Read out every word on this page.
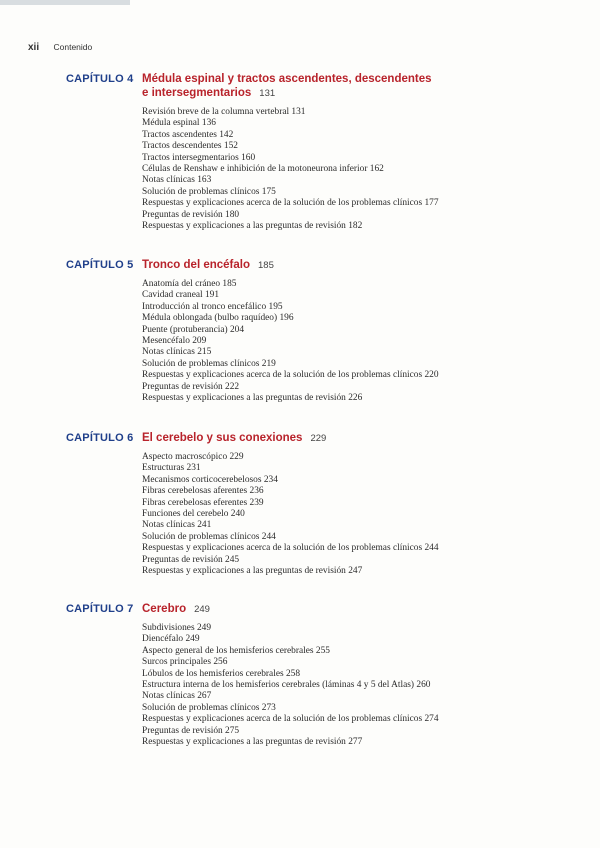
xii Contenido
CAPÍTULO 4 Médula espinal y tractos ascendentes, descendentes
e intersegmentarios 131
Revisión breve de la columna vertebral 131
Médula espinal 136
Tractos ascendentes 142
Tractos descendentes 152
Tractos intersegmentarios 160
Células de Renshaw e inhibición de la motoneurona inferior 162
Notas clínicas 163
Solución de problemas clínicos 175
Respuestas y explicaciones acerca de la solución de los problemas clínicos 177
Preguntas de revisión 180
Respuestas y explicaciones a las preguntas de revisión 182
CAPÍTULO 5 Tronco del encéfalo 185
Anatomía del cráneo 185
Cavidad craneal 191
Introducción al tronco encefálico 195
Médula oblongada (bulbo raquídeo) 196
Puente (protuberancia) 204
Mesencéfalo 209
Notas clínicas 215
Solución de problemas clínicos 219
Respuestas y explicaciones acerca de la solución de los problemas clínicos 220
Preguntas de revisión 222
Respuestas y explicaciones a las preguntas de revisión 226
CAPÍTULO 6 El cerebelo y sus conexiones 229
Aspecto macroscópico 229
Estructuras 231
Mecanismos corticocerebelosos 234
Fibras cerebelosas aferentes 236
Fibras cerebelosas eferentes 239
Funciones del cerebelo 240
Notas clínicas 241
Solución de problemas clínicos 244
Respuestas y explicaciones acerca de la solución de los problemas clínicos 244
Preguntas de revisión 245
Respuestas y explicaciones a las preguntas de revisión 247
CAPÍTULO 7 Cerebro 249
Subdivisiones 249
Diencéfalo 249
Aspecto general de los hemisferios cerebrales 255
Surcos principales 256
Lóbulos de los hemisferios cerebrales 258
Estructura interna de los hemisferios cerebrales (láminas 4 y 5 del Atlas) 260
Notas clínicas 267
Solución de problemas clínicos 273
Respuestas y explicaciones acerca de la solución de los problemas clínicos 274
Preguntas de revisión 275
Respuestas y explicaciones a las preguntas de revisión 277
